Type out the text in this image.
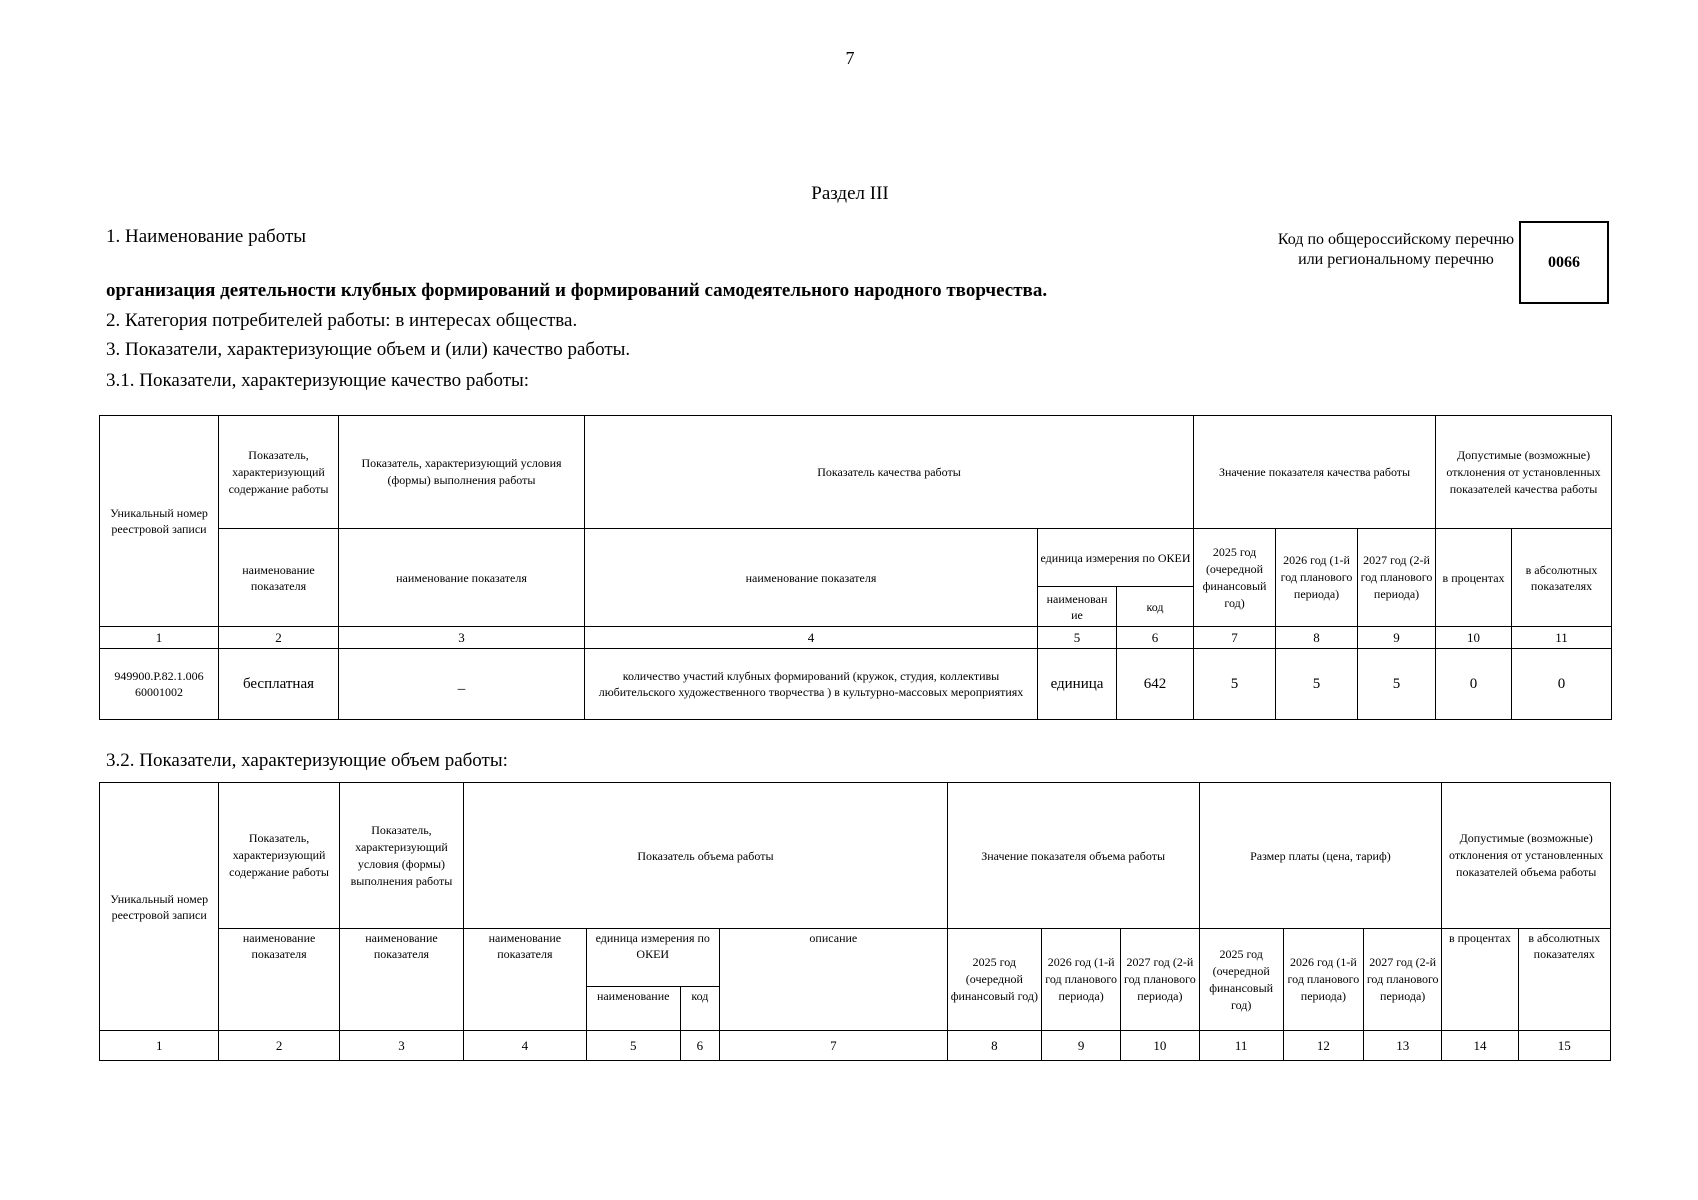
7
Раздел III
1. Наименование работы	Код по общероссийскому перечню или региональному перечню	0066
организация деятельности клубных формирований и формирований самодеятельного народного творчества.
2. Категория потребителей работы: в интересах общества.
3. Показатели, характеризующие объем и (или) качество работы.
3.1. Показатели, характеризующие качество работы:
Уникальный номер реестровой записи	Показатель, характеризующий содержание работы	Показатель, характеризующий условия (формы) выполнения работы	Показатель качества работы			Значение показателя качества работы			Допустимые (возможные) отклонения от установленных показателей качества работы	
	наименование показателя	наименование показателя	наименование показателя	единица измерения по ОКЕИ		2025 год (очередной финансовый год)	2026 год (1-й год планового периода)	2027 год (2-й год планового периода)	в процентах	в абсолютных показателях
				наименован ие	код					
1	2	3	4	5	6	7	8	9	10	11
949900.Р.82.1.006 60001002	бесплатная	_	количество участий клубных формирований (кружок, студия, коллективы любительского художественного творчества ) в культурно-массовых мероприятиях	единица	642	5	5	5	0	0
3.2. Показатели, характеризующие объем работы:
Уникальный номер реестровой записи	Показатель, характеризующий содержание работы	Показатель, характеризующий условия (формы) выполнения работы	Показатель объема работы				Значение показателя объема работы			Размер платы (цена, тариф)			Допустимые (возможные) отклонения от установленных показателей объема работы	
	наименование показателя	наименование показателя	наименование показателя	единица измерения по ОКЕИ		описание	2025 год (очередной финансовый год)	2026 год (1-й год планового периода)	2027 год (2-й год планового периода)	2025 год (очередной финансовый год)	2026 год (1-й год планового периода)	2027 год (2-й год планового периода)	в процентах	в абсолютных показателях
				наименование	код									
1	2	3	4	5	6	7	8	9	10	11	12	13	14	15
